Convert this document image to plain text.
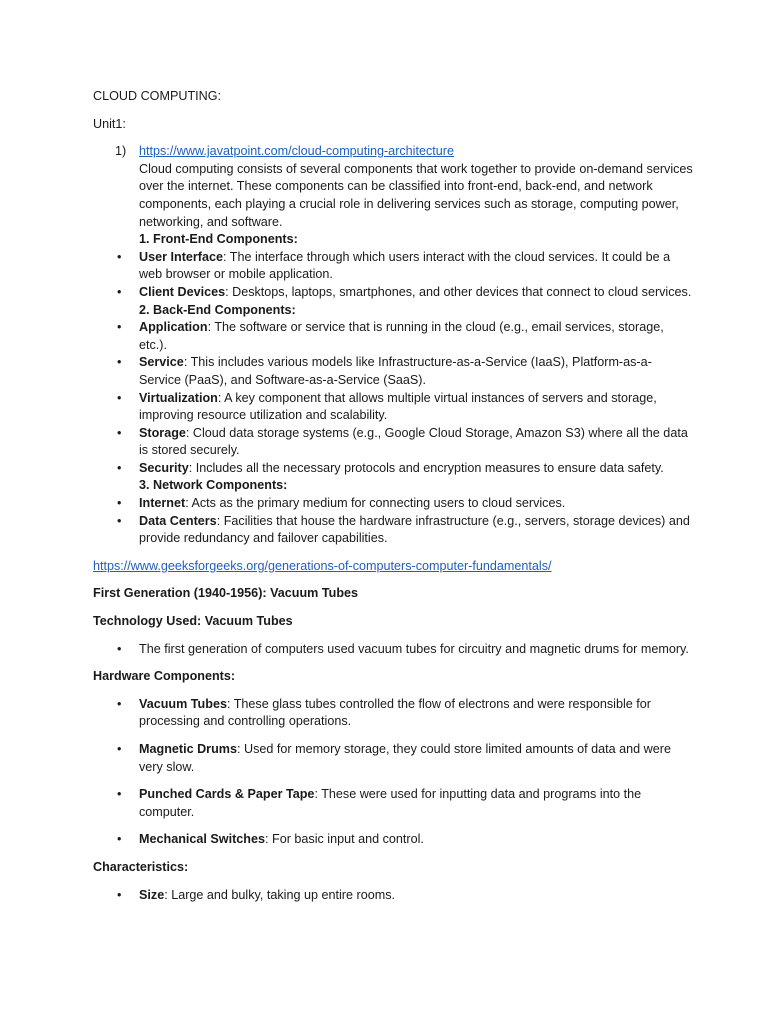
CLOUD COMPUTING:

Unit1:

1) https://www.javatpoint.com/cloud-computing-architecture
Cloud computing consists of several components that work together to provide on-demand services over the internet. These components can be classified into front-end, back-end, and network components, each playing a crucial role in delivering services such as storage, computing power, networking, and software.
1. Front-End Components:
• User Interface: The interface through which users interact with the cloud services. It could be a web browser or mobile application.
• Client Devices: Desktops, laptops, smartphones, and other devices that connect to cloud services.
2. Back-End Components:
• Application: The software or service that is running in the cloud (e.g., email services, storage, etc.).
• Service: This includes various models like Infrastructure-as-a-Service (IaaS), Platform-as-a-Service (PaaS), and Software-as-a-Service (SaaS).
• Virtualization: A key component that allows multiple virtual instances of servers and storage, improving resource utilization and scalability.
• Storage: Cloud data storage systems (e.g., Google Cloud Storage, Amazon S3) where all the data is stored securely.
• Security: Includes all the necessary protocols and encryption measures to ensure data safety.
3. Network Components:
• Internet: Acts as the primary medium for connecting users to cloud services.
• Data Centers: Facilities that house the hardware infrastructure (e.g., servers, storage devices) and provide redundancy and failover capabilities.

https://www.geeksforgeeks.org/generations-of-computers-computer-fundamentals/

First Generation (1940-1956): Vacuum Tubes

Technology Used: Vacuum Tubes

• The first generation of computers used vacuum tubes for circuitry and magnetic drums for memory.

Hardware Components:

• Vacuum Tubes: These glass tubes controlled the flow of electrons and were responsible for processing and controlling operations.
• Magnetic Drums: Used for memory storage, they could store limited amounts of data and were very slow.
• Punched Cards & Paper Tape: These were used for inputting data and programs into the computer.
• Mechanical Switches: For basic input and control.

Characteristics:

• Size: Large and bulky, taking up entire rooms.
